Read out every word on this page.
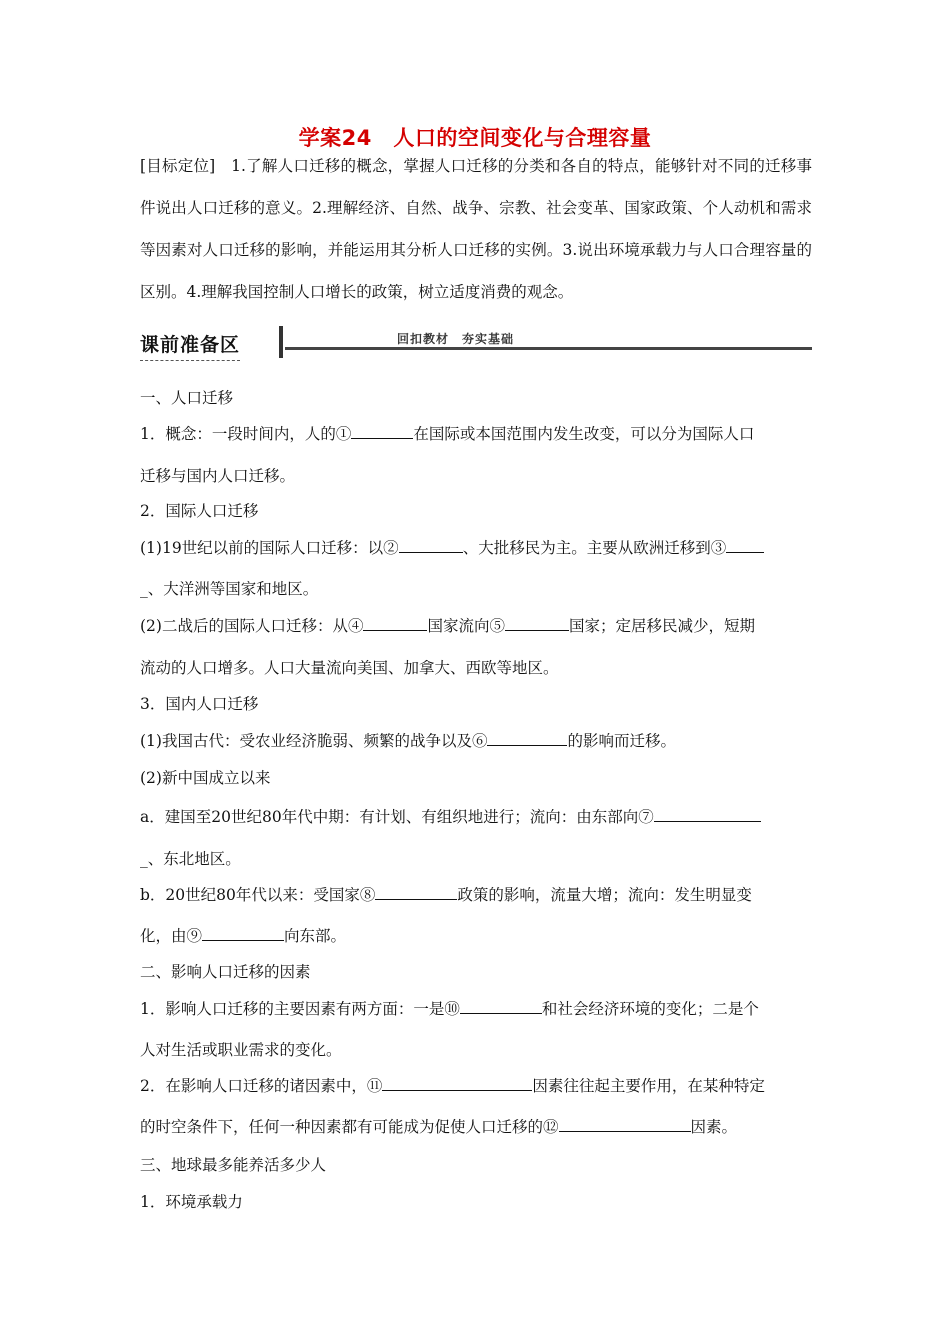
学案24　人口的空间变化与合理容量
[目标定位]　1.了解人口迁移的概念，掌握人口迁移的分类和各自的特点，能够针对不同的迁移事件说出人口迁移的意义。2.理解经济、自然、战争、宗教、社会变革、国家政策、个人动机和需求等因素对人口迁移的影响，并能运用其分析人口迁移的实例。3.说出环境承载力与人口合理容量的区别。4.理解我国控制人口增长的政策，树立适度消费的观念。
课前准备区	回扣教材　夯实基础
一、人口迁移
1．概念：一段时间内，人的①	在国际或本国范围内发生改变，可以分为国际人口
迁移与国内人口迁移。
2．国际人口迁移
(1)19世纪以前的国际人口迁移：以②	、大批移民为主。主要从欧洲迁移到③
_、大洋洲等国家和地区。
(2)二战后的国际人口迁移：从④	国家流向⑤	国家；定居移民减少，短期
流动的人口增多。人口大量流向美国、加拿大、西欧等地区。
3．国内人口迁移
(1)我国古代：受农业经济脆弱、频繁的战争以及⑥	的影响而迁移。
(2)新中国成立以来
a．建国至20世纪80年代中期：有计划、有组织地进行；流向：由东部向⑦
_、东北地区。
b．20世纪80年代以来：受国家⑧	政策的影响，流量大增；流向：发生明显变
化，由⑨	向东部。
二、影响人口迁移的因素
1．影响人口迁移的主要因素有两方面：一是⑩	和社会经济环境的变化；二是个
人对生活或职业需求的变化。
2．在影响人口迁移的诸因素中，⑪	因素往往起主要作用，在某种特定
的时空条件下，任何一种因素都有可能成为促使人口迁移的⑫	因素。
三、地球最多能养活多少人
1．环境承载力
